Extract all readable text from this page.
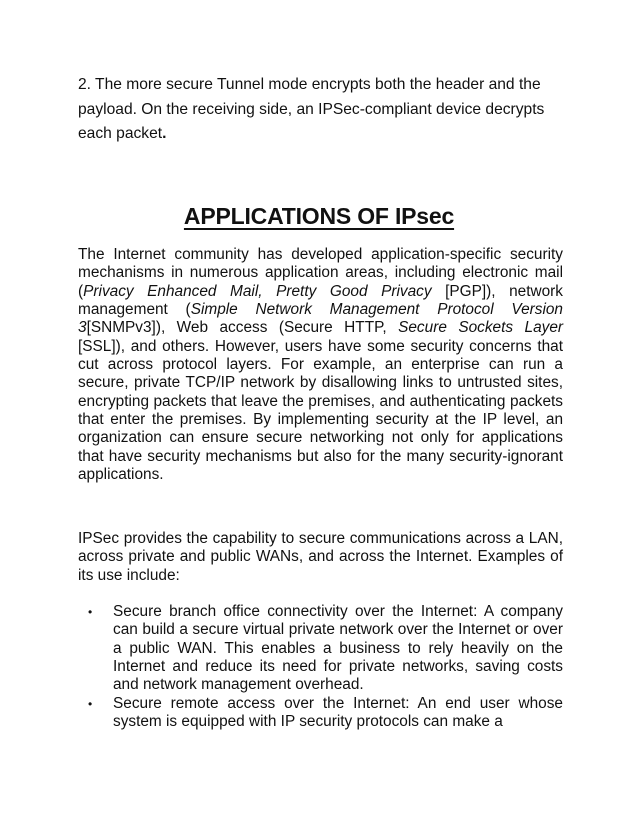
2. The more secure Tunnel mode encrypts both the header and the payload. On the receiving side, an IPSec-compliant device decrypts each packet.

APPLICATIONS OF IPsec

The Internet community has developed application-specific security mechanisms in numerous application areas, including electronic mail (Privacy Enhanced Mail, Pretty Good Privacy [PGP]), network management (Simple Network Management Protocol Version 3[SNMPv3]), Web access (Secure HTTP, Secure Sockets Layer [SSL]), and others. However, users have some security concerns that cut across protocol layers. For example, an enterprise can run a secure, private TCP/IP network by disallowing links to untrusted sites, encrypting packets that leave the premises, and authenticating packets that enter the premises. By implementing security at the IP level, an organization can ensure secure networking not only for applications that have security mechanisms but also for the many security-ignorant applications.

IPSec provides the capability to secure communications across a LAN, across private and public WANs, and across the Internet. Examples of its use include:

• Secure branch office connectivity over the Internet: A company can build a secure virtual private network over the Internet or over a public WAN. This enables a business to rely heavily on the Internet and reduce its need for private networks, saving costs and network management overhead.
• Secure remote access over the Internet: An end user whose system is equipped with IP security protocols can make a
